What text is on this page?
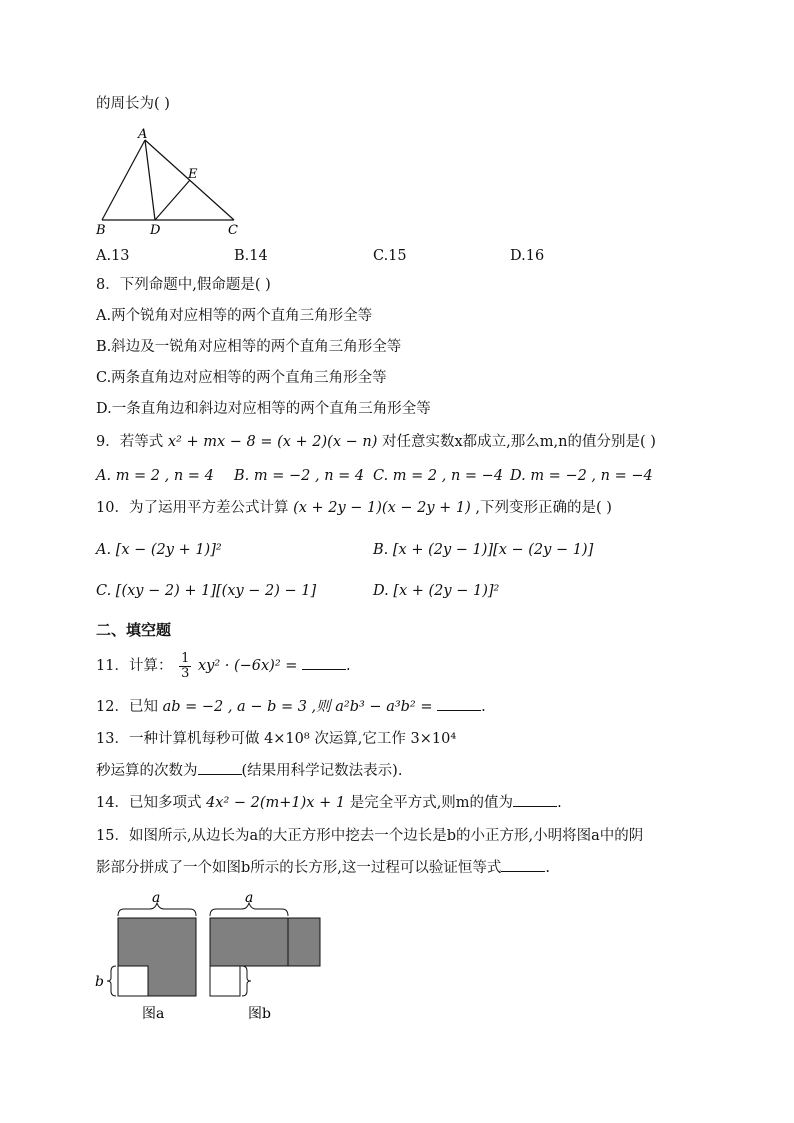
的周长为( )
A
B	D	C
E
A.13	B.14	C.15	D.16
8．下列命题中,假命题是( )
A.两个锐角对应相等的两个直角三角形全等
B.斜边及一锐角对应相等的两个直角三角形全等
C.两条直角边对应相等的两个直角三角形全等
D.一条直角边和斜边对应相等的两个直角三角形全等
9．若等式 x² + mx − 8 = (x + 2)(x − n) 对任意实数x都成立,那么m,n的值分别是( )
A. m = 2 , n = 4 B. m = −2 , n = 4 C. m = 2 , n = −4 D. m = −2 , n = −4
10．为了运用平方差公式计算 (x + 2y − 1)(x − 2y + 1) ,下列变形正确的是( )
A. [x − (2y + 1)]²	B. [x + (2y − 1)][x − (2y − 1)]
C. [(xy − 2) + 1][(xy − 2) − 1]	D. [x + (2y − 1)]²
二、填空题
11．计算： $\frac{1}{3} xy^2 \cdot (-6x)^2$ =	.
12．已知 ab = −2 , a − b = 3 ,则 a²b³ − a³b² =	.
13．一种计算机每秒可做 4×10⁸ 次运算,它工作 3×10⁴
秒运算的次数为	(结果用科学记数法表示).
14．已知多项式 4x² − 2(m+1)x + 1 是完全平方式,则m的值为	.
15．如图所示,从边长为a的大正方形中挖去一个边长是b的小正方形,小明将图a中的阴
影部分拼成了一个如图b所示的长方形,这一过程可以验证恒等式	.
a
b
图a
a
图b
